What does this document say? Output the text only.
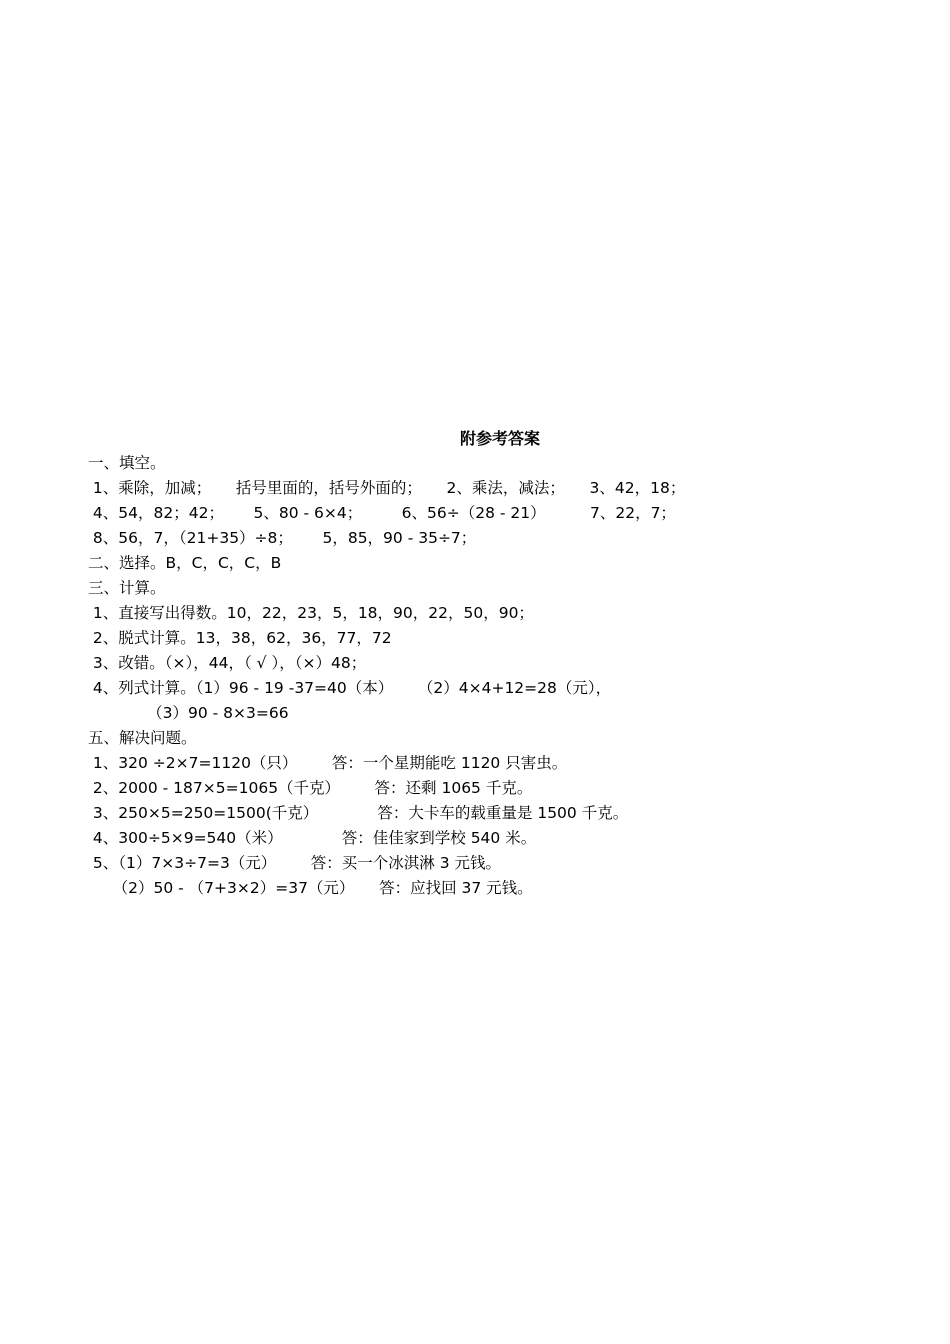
附参考答案
一、填空。
1、乘除，加减；     括号里面的，括号外面的；     2、乘法，减法；     3、42，18；
4、54，82；42；      5、80 - 6×4；        6、56÷（28 - 21）         7、22，7；
8、56，7，（21+35）÷8；      5，85，90 - 35÷7；
二、选择。B，C，C，C，B
三、计算。
1、直接写出得数。10，22，23，5，18，90，22，50，90；
2、脱式计算。13，38，62，36，77，72
3、改错。（×），44，（ √ ），（×）48；
4、列式计算。（1）96 - 19 -37=40（本）     （2）4×4+12=28（元），
（3）90 - 8×3=66
五、解决问题。
1、320 ÷2×7=1120（只）       答：一个星期能吃 1120 只害虫。
2、2000 - 187×5=1065（千克）       答：还剩 1065 千克。
3、250×5=250=1500(千克）            答：大卡车的载重量是 1500 千克。
4、300÷5×9=540（米）            答：佳佳家到学校 540 米。
5、（1）7×3÷7=3（元）       答：买一个冰淇淋 3 元钱。
（2）50 - （7+3×2）=37（元）     答：应找回 37 元钱。
